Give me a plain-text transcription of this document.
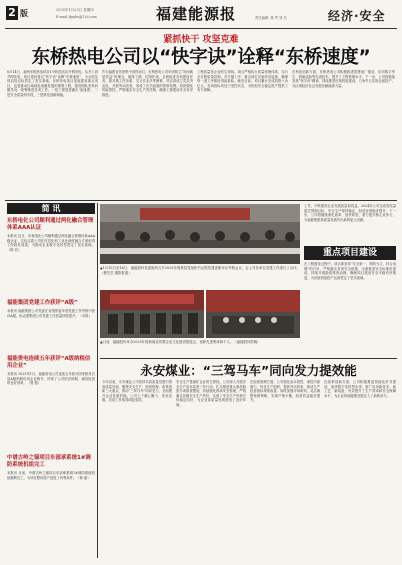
2 版	2025年1月23日 星期四
E-mail: fjnybs@126.com	福建能源报	责任编辑: 林 罗 刘 杰	经济·安全
紧抓快干 攻坚克难
东桥热电公司以“快字诀”诠释“东桥速度”
8月14日，福州东桥热电项目1号机组首次并网发电。从开工到并网发电，项目建设者以“快字诀”诠释“东桥速度”，为全面实现双投目标奠定了坚实基础。东桥热电项目是福建省重点项目，也是推动区域绿色低碳发展的重要工程，建设团队坚持问题导向，统筹推进各项工作。一是工程进度跑出‘加速度’，二是安全质量两手抓，三是科技创新赋能。
作为福建省首批集中供热项目，东桥热电公司牢固树立“时间就是效益”的理念，倒排工期、挂图作战，全面推进各项建设任务。面对施工任务重、交叉作业多等困难，项目部成立党员突击队，开展劳动竞赛，形成了比学赶超的浓厚氛围。同时强化风险管控，严格落实安全生产责任制，确保工程建设安全有序推进。
工程质量是企业的生命线。项目严格执行质量管理体系，实行全过程质量控制，对关键工序、重点部位实施旁站监督，确保每一道工序都经得起检验。截至目前，项目累计完成投资十余亿元，各项指标均处于受控状态，为机组安全稳定投产提供了有力保障。
在科技创新方面，东桥热电公司积极推进智慧电厂建设，应用数字孪生、智能巡检等先进技术，提升了工程管理水平。下一步，公司将继续发扬“快字诀”精神，持续推进后续机组建设，力争早日实现全面投产，为区域经济社会发展贡献能源力量。
简 讯
东桥电化公司顺利通过两化融合管理体系AAA认证
本报讯 近日，东桥电化公司顺利通过两化融合管理体系AAA级认证。这标志着公司在信息化和工业化深度融合方面取得了阶段性成果，为推动企业数字化转型奠定了坚实基础。（陈 若）
福能集团党建工作获评“A级”
本报讯 福能集团公司党委在省国资委年度党建工作考核中获评A级，标志着集团公司党建工作质量持续提升。（本报）
福能贵电连续五年获评“A级纳税信用企业”
本报讯 2025年1月，福能贵电公司连续五年获评国家税务总局A级纳税信用企业称号，体现了公司依法纳税、诚信经营的良好形象。（曾 强）
中谱古岭之锚项目东部承系统1#调防系统机组完工
本报讯 日前，中谱古岭之锚项目东部承系统1#调防系统机组顺利完工，为项目整体投产创造了有利条件。（林 丽）
▲1月15日至16日，福能股份党委组织召开2025年度基层党组织书记抓党建述职评议考核会议，会上对各单位党建工作进行了点评。（曹芸芸 摄影报道）
▲日前，福能股份举办2025年度新闻宣传暨企业文化建设推进会，表彰先进集体和个人。（福能股份供稿）
工作，不断提高企业发展质量和效益。2024年公司完成发电量超过预期目标，安全生产保持稳定，经营业绩稳步提升。下一步，公司将继续深化改革，加快转型，着力提升核心竞争力，为福能集团高质量发展作出新的更大贡献。
重点项目建设
在工程建设过程中，项目部坚持“安全第一、预防为主、综合治理”的方针，严格落实各项安全措施，全面推进安全标准化建设，持续开展隐患排查治理，确保项目建设安全平稳有序推进，为后续机组投产运营奠定了坚实基础。
永安煤业：“三驾马车”同向发力提效能
今年以来，永安煤业公司坚持以高质量党建引领高质量发展，聚焦安全生产、经营管理、改革创新三大重点，推动“三驾马车”同向发力，全面提升企业发展效能。公司上下凝心聚力、攻坚克难，各项工作取得明显成效。
安全生产是煤矿企业的生命线。公司深入开展安全生产治本攻坚三年行动，扎实推进重大事故隐患专项排查整治，持续强化现场安全管理，严格落实各级安全生产责任，实现了安全生产形势总体稳定向好，为企业高质量发展营造了良好环境。
在经营管理方面，公司强化成本管控，深挖内部潜力，优化生产组织，提高劳动效率，推动生产经营指标持续改善。同时加强市场研判，灵活调整营销策略，实现产销平衡，经营效益稳步提升。
在改革创新方面，公司积极推进智能化矿井建设，加快数字化转型步伐，推广应用新技术、新工艺、新装备，有效提升了生产效率和安全保障水平，为企业持续健康发展注入了新的动力。
